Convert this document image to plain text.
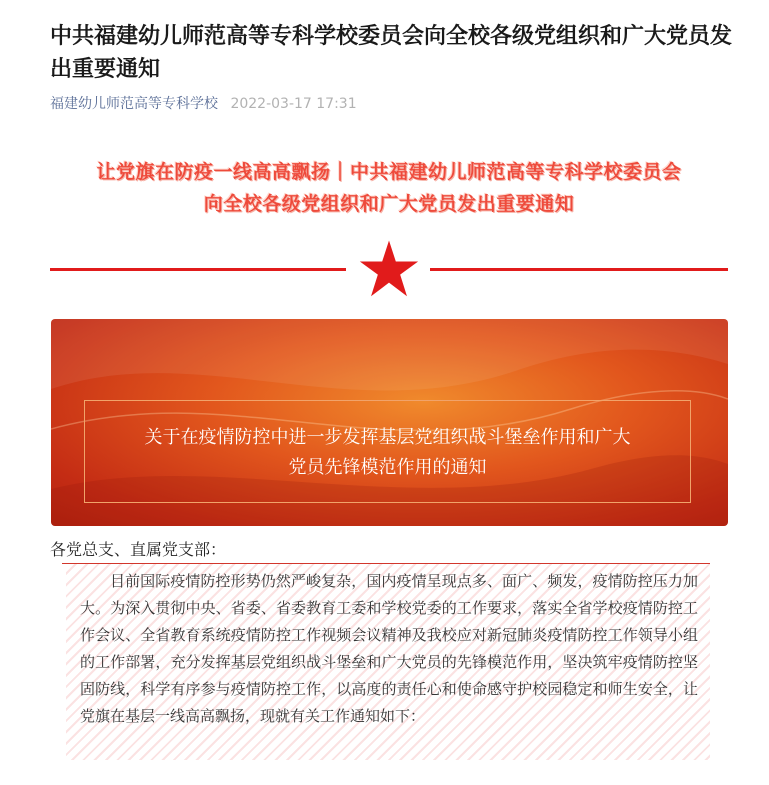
中共福建幼儿师范高等专科学校委员会向全校各级党组织和广大党员发出重要通知
福建幼儿师范高等专科学校 2022-03-17 17:31
让党旗在防疫一线高高飘扬｜中共福建幼儿师范高等专科学校委员会
向全校各级党组织和广大党员发出重要通知
关于在疫情防控中进一步发挥基层党组织战斗堡垒作用和广大
党员先锋模范作用的通知
各党总支、直属党支部：

目前国际疫情防控形势仍然严峻复杂，国内疫情呈现点多、面广、频发，疫情防控压力加大。为深入贯彻中央、省委、省委教育工委和学校党委的工作要求，落实全省学校疫情防控工作会议、全省教育系统疫情防控工作视频会议精神及我校应对新冠肺炎疫情防控工作领导小组的工作部署，充分发挥基层党组织战斗堡垒和广大党员的先锋模范作用，坚决筑牢疫情防控坚固防线，科学有序参与疫情防控工作，以高度的责任心和使命感守护校园稳定和师生安全，让党旗在基层一线高高飘扬，现就有关工作通知如下：
